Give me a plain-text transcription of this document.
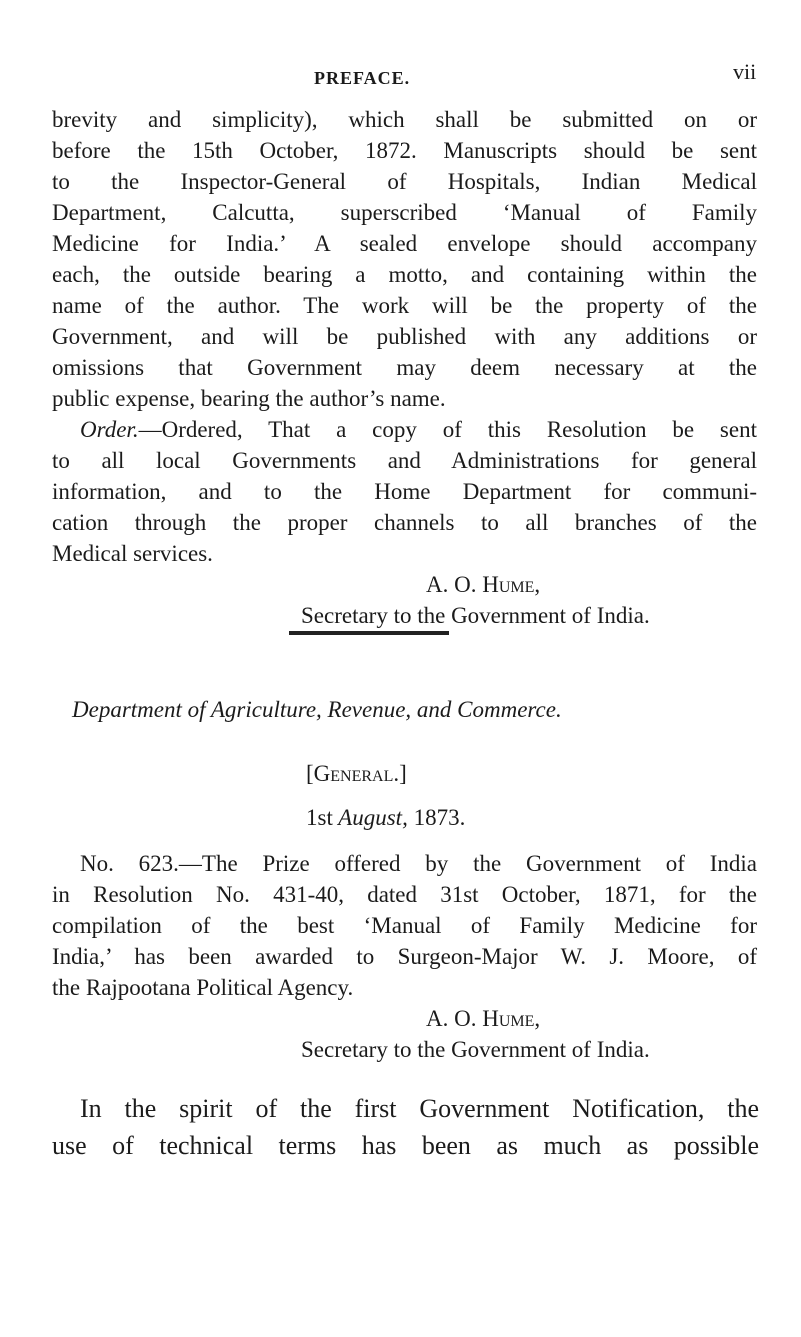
PREFACE.	vii
brevity and simplicity), which shall be submitted on or
before the 15th October, 1872. Manuscripts should be sent
to the Inspector-General of Hospitals, Indian Medical
Department, Calcutta, superscribed ‘Manual of Family
Medicine for India.’ A sealed envelope should accompany
each, the outside bearing a motto, and containing within the
name of the author. The work will be the property of the
Government, and will be published with any additions or
omissions that Government may deem necessary at the
public expense, bearing the author’s name.
Order.—Ordered, That a copy of this Resolution be sent
to all local Governments and Administrations for general
information, and to the Home Department for communi-
cation through the proper channels to all branches of the
Medical services.
A. O. Hume,
Secretary to the Government of India.
Department of Agriculture, Revenue, and Commerce.
[General.]
1st August, 1873.
No. 623.—The Prize offered by the Government of India
in Resolution No. 431-40, dated 31st October, 1871, for the
compilation of the best ‘Manual of Family Medicine for
India,’ has been awarded to Surgeon-Major W. J. Moore, of
the Rajpootana Political Agency.
A. O. Hume,
Secretary to the Government of India.
In the spirit of the first Government Notification, the
use of technical terms has been as much as possible
